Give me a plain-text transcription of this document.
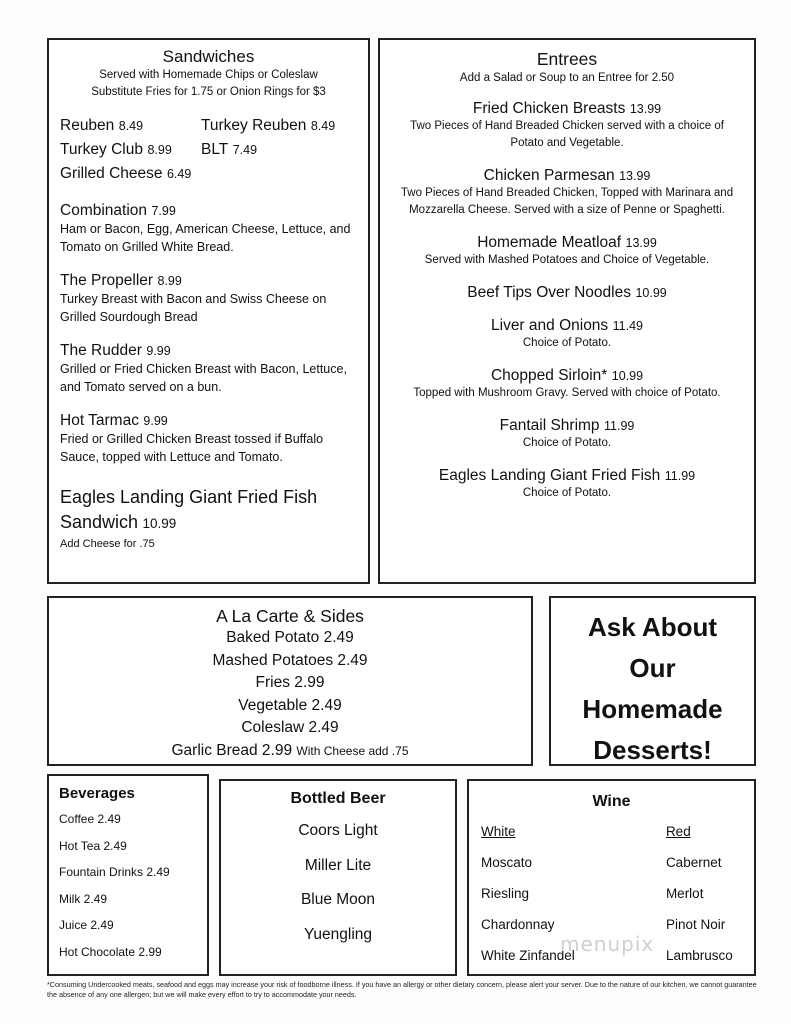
Sandwiches
Served with Homemade Chips or Coleslaw
Substitute Fries for 1.75 or Onion Rings for $3
Reuben 8.49	Turkey Reuben 8.49
Turkey Club 8.99	BLT 7.49
Grilled Cheese 6.49
Combination 7.99
Ham or Bacon, Egg, American Cheese, Lettuce, and Tomato on Grilled White Bread.
The Propeller 8.99
Turkey Breast with Bacon and Swiss Cheese on Grilled Sourdough Bread
The Rudder 9.99
Grilled or Fried Chicken Breast with Bacon, Lettuce, and Tomato served on a bun.
Hot Tarmac 9.99
Fried or Grilled Chicken Breast tossed if Buffalo Sauce, topped with Lettuce and Tomato.
Eagles Landing Giant Fried Fish
Sandwich 10.99
Add Cheese for .75
Entrees
Add a Salad or Soup to an Entree for 2.50
Fried Chicken Breasts 13.99
Two Pieces of Hand Breaded Chicken served with a choice of Potato and Vegetable.
Chicken Parmesan 13.99
Two Pieces of Hand Breaded Chicken, Topped with Marinara and Mozzarella Cheese. Served with a size of Penne or Spaghetti.
Homemade Meatloaf 13.99
Served with Mashed Potatoes and Choice of Vegetable.
Beef Tips Over Noodles 10.99
Liver and Onions 11.49
Choice of Potato.
Chopped Sirloin* 10.99
Topped with Mushroom Gravy. Served with choice of Potato.
Fantail Shrimp 11.99
Choice of Potato.
Eagles Landing Giant Fried Fish 11.99
Choice of Potato.
A La Carte & Sides
Baked Potato 2.49
Mashed Potatoes 2.49
Fries 2.99
Vegetable 2.49
Coleslaw 2.49
Garlic Bread 2.99 With Cheese add .75
Ask About
Our
Homemade
Desserts!
Beverages
Coffee 2.49
Hot Tea 2.49
Fountain Drinks 2.49
Milk 2.49
Juice 2.49
Hot Chocolate 2.99
Bottled Beer
Coors Light
Miller Lite
Blue Moon
Yuengling
Wine
White
Moscato
Riesling
Chardonnay
White Zinfandel
Red
Cabernet
Merlot
Pinot Noir
Lambrusco
menupix
*Consuming Undercooked meats, seafood and eggs may increase your risk of foodborne illness. If you have an allergy or other dietary concern, please alert your server. Due to the nature of our kitchen, we cannot guarantee the absence of any one allergen; but we will make every effort to try to accommodate your needs.
